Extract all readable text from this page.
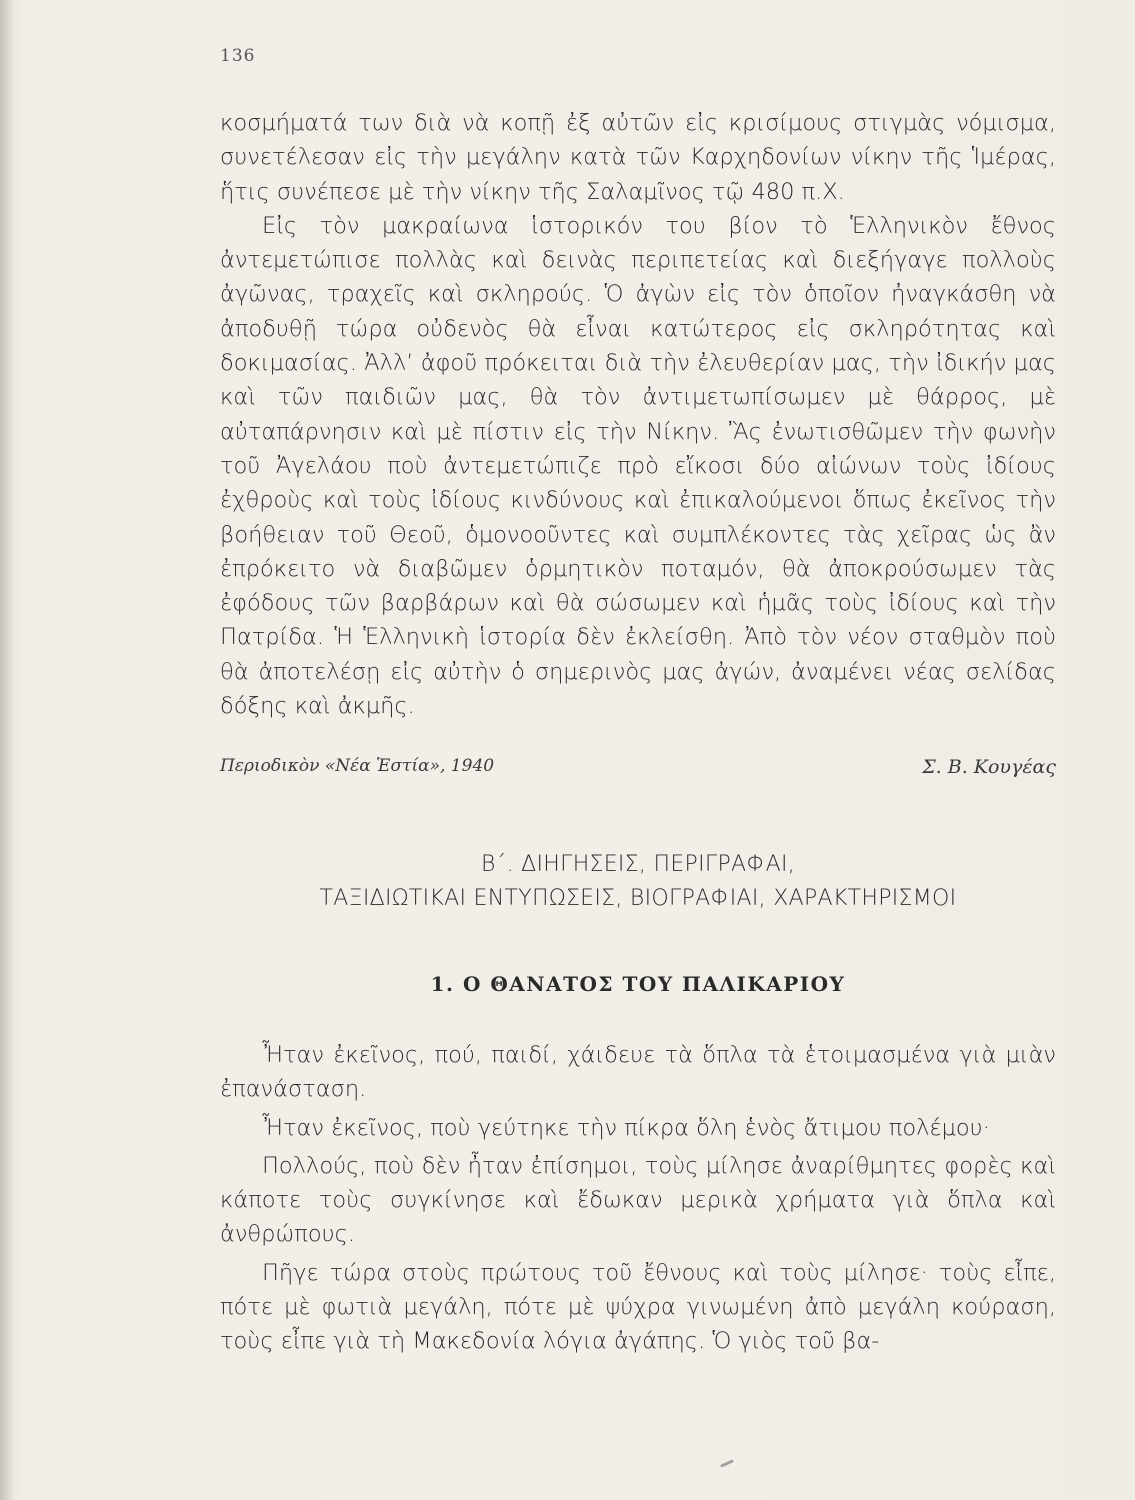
136

κοσμήματά των διὰ νὰ κοπῇ ἐξ αὐτῶν εἰς κρισίμους στιγμὰς νόμισμα, συνετέλεσαν εἰς τὴν μεγάλην κατὰ τῶν Καρχηδονίων νίκην τῆς Ἱμέρας, ἥτις συνέπεσε μὲ τὴν νίκην τῆς Σαλαμῖνος τῷ 480 π.Χ.

Εἰς τὸν μακραίωνα ἱστορικόν του βίον τὸ Ἑλληνικὸν ἔθνος ἀντεμετώπισε πολλὰς καὶ δεινὰς περιπετείας καὶ διεξήγαγε πολλοὺς ἀγῶνας, τραχεῖς καὶ σκληρούς. Ὁ ἀγὼν εἰς τὸν ὁποῖον ἠναγκάσθη νὰ ἀποδυθῇ τώρα οὐδενὸς θὰ εἶναι κατώτερος εἰς σκληρότητας καὶ δοκιμασίας. Ἀλλ’ ἀφοῦ πρόκειται διὰ τὴν ἐλευθερίαν μας, τὴν ἰδικήν μας καὶ τῶν παιδιῶν μας, θὰ τὸν ἀντιμετωπίσωμεν μὲ θάρρος, μὲ αὐταπάρνησιν καὶ μὲ πίστιν εἰς τὴν Νίκην. Ἂς ἐνωτισθῶμεν τὴν φωνὴν τοῦ Ἀγελάου ποὺ ἀντεμετώπιζε πρὸ εἴκοσι δύο αἰώνων τοὺς ἰδίους ἐχθροὺς καὶ τοὺς ἰδίους κινδύνους καὶ ἐπικαλούμενοι ὅπως ἐκεῖνος τὴν βοήθειαν τοῦ Θεοῦ, ὁμονοοῦντες καὶ συμπλέκοντες τὰς χεῖρας ὡς ἂν ἐπρόκειτο νὰ διαβῶμεν ὁρμητικὸν ποταμόν, θὰ ἀποκρούσωμεν τὰς ἐφόδους τῶν βαρβάρων καὶ θὰ σώσωμεν καὶ ἡμᾶς τοὺς ἰδίους καὶ τὴν Πατρίδα. Ἡ Ἑλληνικὴ ἱστορία δὲν ἐκλείσθη. Ἀπὸ τὸν νέον σταθμὸν ποὺ θὰ ἀποτελέσῃ εἰς αὐτὴν ὁ σημερινὸς μας ἀγών, ἀναμένει νέας σελίδας δόξης καὶ ἀκμῆς.

Περιοδικὸν «Νέα Ἑστία», 1940	Σ. Β. Κουγέας
Β΄. ΔΙΗΓΗΣΕΙΣ, ΠΕΡΙΓΡΑΦΑΙ,
ΤΑΞΙΔΙΩΤΙΚΑΙ ΕΝΤΥΠΩΣΕΙΣ, ΒΙΟΓΡΑΦΙΑΙ, ΧΑΡΑΚΤΗΡΙΣΜΟΙ
1. Ο ΘΑΝΑΤΟΣ ΤΟΥ ΠΑΛΙΚΑΡΙΟΥ

Ἦταν ἐκεῖνος, πού, παιδί, χάιδευε τὰ ὅπλα τὰ ἑτοιμασμένα γιὰ μιὰν ἐπανάσταση.

Ἦταν ἐκεῖνος, ποὺ γεύτηκε τὴν πίκρα ὅλη ἑνὸς ἄτιμου πολέμου·

Πολλούς, ποὺ δὲν ἦταν ἐπίσημοι, τοὺς μίλησε ἀναρίθμητες φορὲς καὶ κάποτε τοὺς συγκίνησε καὶ ἔδωκαν μερικὰ χρήματα γιὰ ὅπλα καὶ ἀνθρώπους.

Πῆγε τώρα στοὺς πρώτους τοῦ ἔθνους καὶ τοὺς μίλησε· τοὺς εἶπε, πότε μὲ φωτιὰ μεγάλη, πότε μὲ ψύχρα γινωμένη ἀπὸ μεγάλη κούραση, τοὺς εἶπε γιὰ τὴ Μακεδονία λόγια ἀγάπης. Ὁ γιὸς τοῦ βα-
